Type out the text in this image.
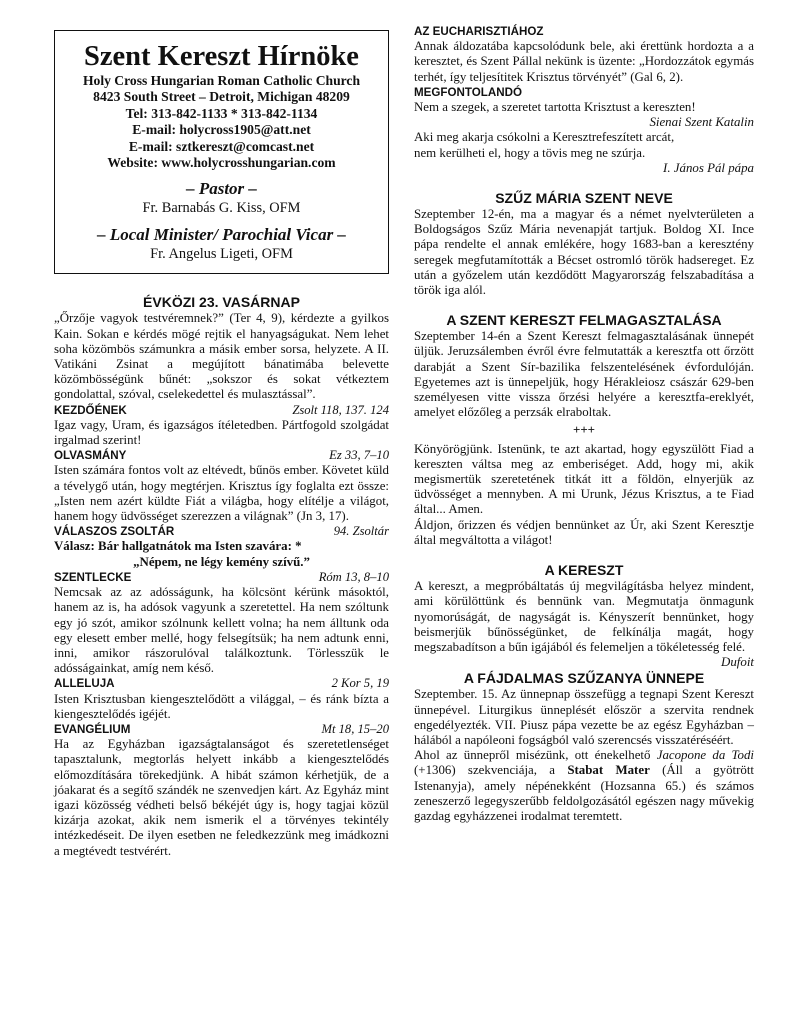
Szent Kereszt Hírnöke
Holy Cross Hungarian Roman Catholic Church
8423 South Street – Detroit, Michigan 48209
Tel: 313-842-1133 * 313-842-1134
E-mail: holycross1905@att.net
E-mail: sztkereszt@comcast.net
Website: www.holycrosshungarian.com
– Pastor –
Fr. Barnabás G. Kiss, OFM
– Local Minister/ Parochial Vicar –
Fr. Angelus Ligeti, OFM
ÉVKÖZI 23. VASÁRNAP

„Őrzője vagyok testvéremnek?” (Ter 4, 9), kérdezte a gyilkos Kain. Sokan e kérdés mögé rejtik el hanyagságukat. Nem lehet soha közömbös számunkra a másik ember sorsa, helyzete. A II. Vatikáni Zsinat a megújított bánatimába belevette közömbösségünk bűnét: „sokszor és sokat vétkeztem gondolattal, szóval, cselekedettel és mulasztással”.

KEZDŐÉNEK	Zsolt 118, 137. 124

Igaz vagy, Uram, és igazságos ítéletedben. Pártfogold szolgádat irgalmad szerint!

OLVASMÁNY	Ez 33, 7–10

Isten számára fontos volt az eltévedt, bűnös ember. Követet küld a tévelygő után, hogy megtérjen. Krisztus így foglalta ezt össze: „Isten nem azért küldte Fiát a világba, hogy elítélje a világot, hanem hogy üdvösséget szerezzen a világnak” (Jn 3, 17).

VÁLASZOS ZSOLTÁR	94. Zsoltár

Válasz: Bár hallgatnátok ma Isten szavára: *

„Népem, ne légy kemény szívű.”

SZENTLECKE	Róm 13, 8–10

Nemcsak az az adósságunk, ha kölcsönt kérünk másoktól, hanem az is, ha adósok vagyunk a szeretettel. Ha nem szóltunk egy jó szót, amikor szólnunk kellett volna; ha nem álltunk oda egy elesett ember mellé, hogy felsegítsük; ha nem adtunk enni, inni, amikor rászorulóval találkoztunk. Törlesszük le adósságainkat, amíg nem késő.

ALLELUJA	2 Kor 5, 19

Isten Krisztusban kiengesztelődött a világgal, – és ránk bízta a kiengesztelődés igéjét.

EVANGÉLIUM	Mt 18, 15–20

Ha az Egyházban igazságtalanságot és szeretetlenséget tapasztalunk, megtorlás helyett inkább a kiengesztelődés előmozdítására törekedjünk. A hibát számon kérhetjük, de a jóakarat és a segítő szándék ne szenvedjen kárt. Az Egyház mint igazi közösség védheti belső békéjét úgy is, hogy tagjai közül kizárja azokat, akik nem ismerik el a törvényes tekintély intézkedéseit. De ilyen esetben ne feledkezzünk meg imádkozni a megtévedt testvérért.

AZ EUCHARISZTIÁHOZ

Annak áldozatába kapcsolódunk bele, aki érettünk hordozta a a keresztet, és Szent Pállal nekünk is üzente: „Hordozzátok egymás terhét, így teljesítitek Krisztus törvényét” (Gal 6, 2).

MEGFONTOLANDÓ

Nem a szegek, a szeretet tartotta Krisztust a kereszten!

Sienai Szent Katalin

Aki meg akarja csókolni a Keresztrefeszített arcát,

nem kerülheti el, hogy a tövis meg ne szúrja.

I. János Pál pápa
SZŰZ MÁRIA SZENT NEVE

Szeptember 12-én, ma a magyar és a német nyelvterületen a Boldogságos Szűz Mária nevenapját tartjuk. Boldog XI. Ince pápa rendelte el annak emlékére, hogy 1683-ban a keresztény seregek megfutamították a Bécset ostromló török hadsereget. Ez után a győzelem után kezdődött Magyarország felszabadítása a török iga alól.

A SZENT KERESZT FELMAGASZTALÁSA

Szeptember 14-én a Szent Kereszt felmagasztalásának ünnepét üljük. Jeruzsálemben évről évre felmutatták a keresztfa ott őrzött darabját a Szent Sír-bazilika felszentelésének évfordulóján. Egyetemes azt is ünnepeljük, hogy Hérakleiosz császár 629-ben személyesen vitte vissza őrzési helyére a keresztfa-ereklyét, amelyet előzőleg a perzsák elraboltak.

+++

Könyörögjünk. Istenünk, te azt akartad, hogy egyszülött Fiad a kereszten váltsa meg az emberiséget. Add, hogy mi, akik megismertük szeretetének titkát itt a földön, elnyerjük az üdvösséget a mennyben. A mi Urunk, Jézus Krisztus, a te Fiad által... Amen.

Áldjon, őrizzen és védjen bennünket az Úr, aki Szent Keresztje által megváltotta a világot!

A KERESZT

A kereszt, a megpróbáltatás új megvilágításba helyez mindent, ami körülöttünk és bennünk van. Megmutatja önmagunk nyomorúságát, de nagyságát is. Kényszerít bennünket, hogy beismerjük bűnösségünket, de felkínálja magát, hogy megszabadítson a bűn igájából és felemeljen a tökéletesség felé.
Dufoit

A FÁJDALMAS SZŰZANYA ÜNNEPE

Szeptember. 15. Az ünnepnap összefügg a tegnapi Szent Kereszt ünnepével. Liturgikus ünneplését először a szervita rendnek engedélyezték. VII. Piusz pápa vezette be az egész Egyházban – hálából a napóleoni fogságból való szerencsés visszatéréséért.

Ahol az ünnepről misézünk, ott énekelhető Jacopone da Todi (+1306) szekvenciája, a Stabat Mater (Áll a gyötrött Istenanyja), amely népénekként (Hozsanna 65.) és számos zeneszerző legegyszerűbb feldolgozásától egészen nagy művekig gazdag egyházzenei irodalmat teremtett.
